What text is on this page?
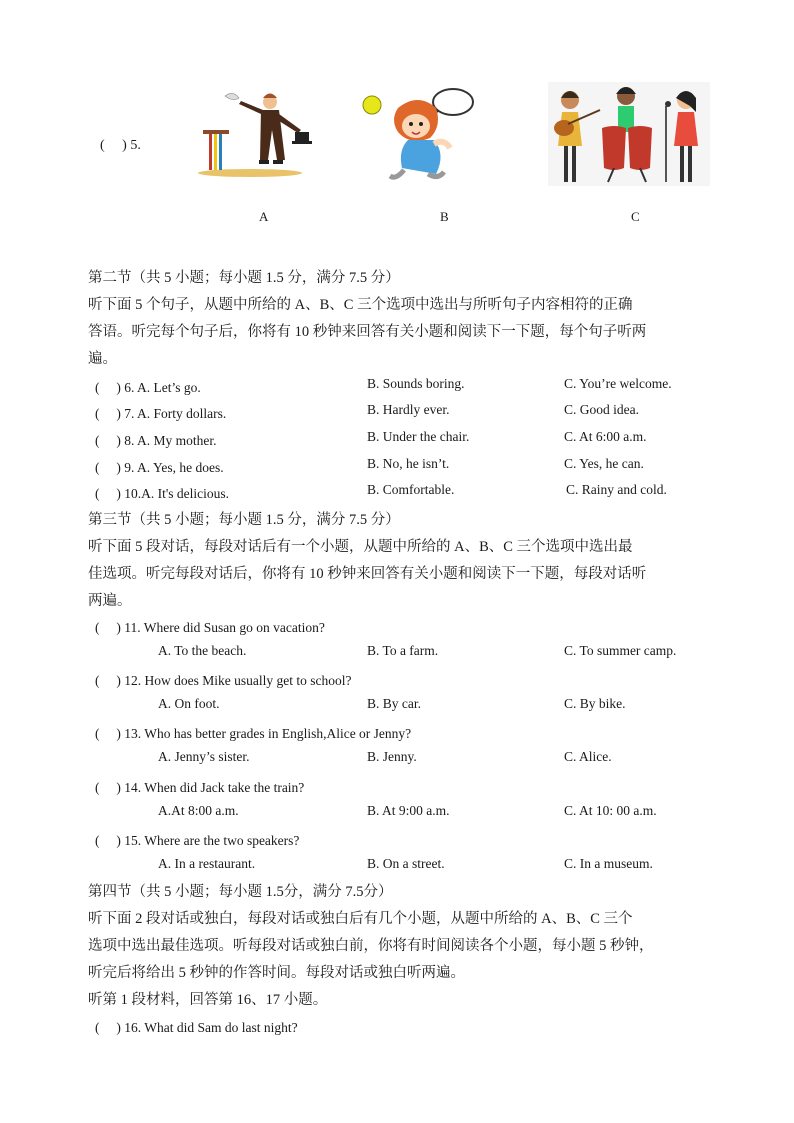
(　 ) 5.
A	B	C
第二节（共 5 小题；每小题 1.5 分，满分 7.5 分）
听下面 5 个句子，从题中所给的 A、B、C 三个选项中选出与所听句子内容相符的正确
答语。听完每个句子后，你将有 10 秒钟来回答有关小题和阅读下一下题，每个句子听两
遍。
(　 ) 6. A. Let’s go.	B. Sounds boring.	C. You’re welcome.
(　 ) 7. A. Forty dollars.	B. Hardly ever.	C. Good idea.
(　 ) 8. A. My mother.	B. Under the chair.	C. At 6:00 a.m.
(　 ) 9. A. Yes, he does.	B. No, he isn’t.	C. Yes, he can.
(　 ) 10.A. It's delicious.	B. Comfortable.	C. Rainy and cold.
第三节（共 5 小题；每小题 1.5 分，满分 7.5 分）
听下面 5 段对话，每段对话后有一个小题，从题中所给的 A、B、C 三个选项中选出最
佳选项。听完每段对话后，你将有 10 秒钟来回答有关小题和阅读下一下题，每段对话听
两遍。
(　 ) 11. Where did Susan go on vacation?
A. To the beach.	B. To a farm.	C. To summer camp.
(　 ) 12. How does Mike usually get to school?
A. On foot.	B. By car.	C. By bike.
(　 ) 13. Who has better grades in English,Alice or Jenny?
A. Jenny’s sister.	B. Jenny.	C. Alice.
(　 ) 14. When did Jack take the train?
A.At 8:00 a.m.	B. At 9:00 a.m.	C. At 10: 00 a.m.
(　 ) 15. Where are the two speakers?
A. In a restaurant.	B. On a street.	C. In a museum.
第四节（共 5 小题；每小题 1.5分，满分 7.5分）
听下面 2 段对话或独白，每段对话或独白后有几个小题，从题中所给的 A、B、C 三个
选项中选出最佳选项。听每段对话或独白前，你将有时间阅读各个小题，每小题 5 秒钟，
听完后将给出 5 秒钟的作答时间。每段对话或独白听两遍。
听第 1 段材料，回答第 16、17 小题。
(　 ) 16. What did Sam do last night?
